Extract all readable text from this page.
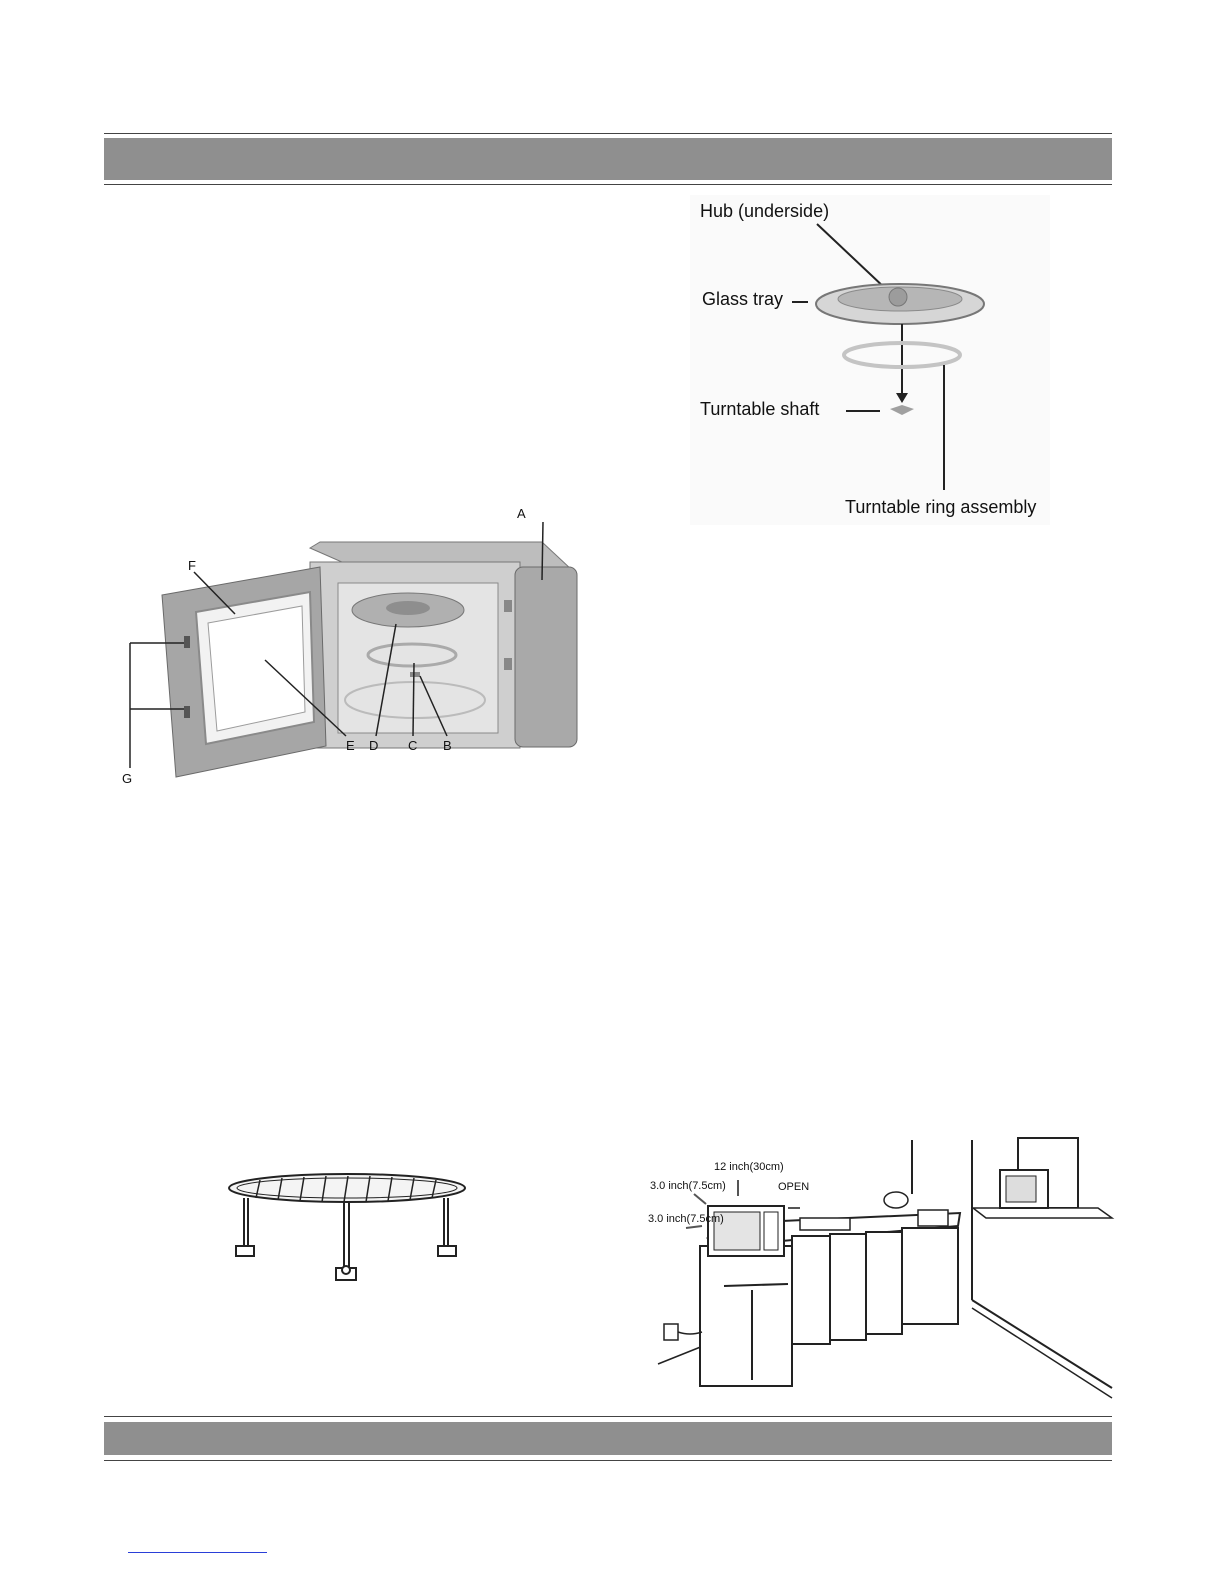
Hub (underside)
Glass tray
Turntable shaft
Turntable ring assembly
A
F
E D C B
G
12 inch(30cm)
3.0 inch(7.5cm)	OPEN
3.0 inch(7.5cm)
